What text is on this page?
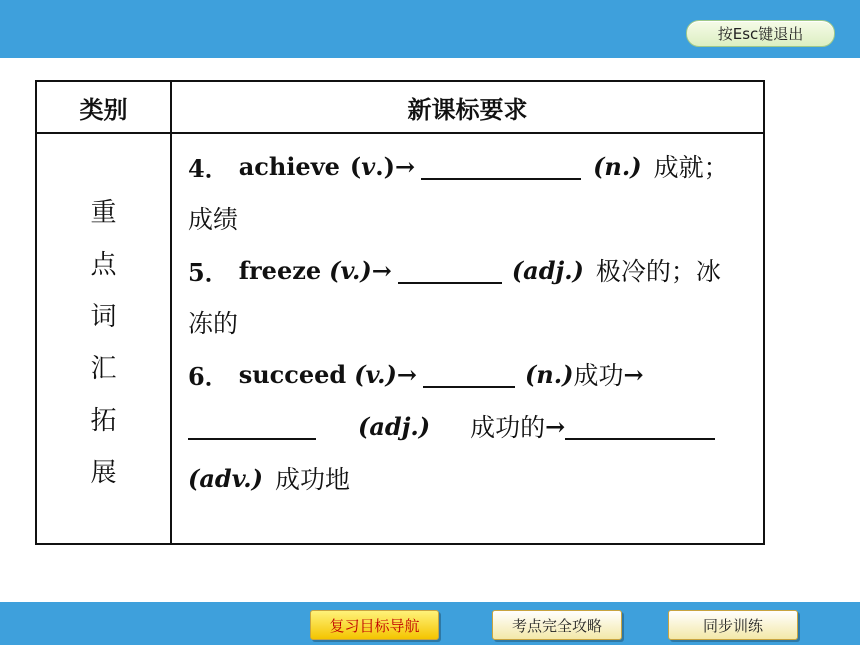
按Esc键退出
类别	新课标要求
重
点
词
汇
拓
展
4． achieve ( v .) →	(n.) 成就；
成绩
5． freeze (v.) →	(adj.) 极冷的；冰
冻的
6． succeed (v.) →	(n.) 成功 →
(adj.) 成功的 →
(adv.) 成功地
复习目标导航	考点完全攻略	同步训练
